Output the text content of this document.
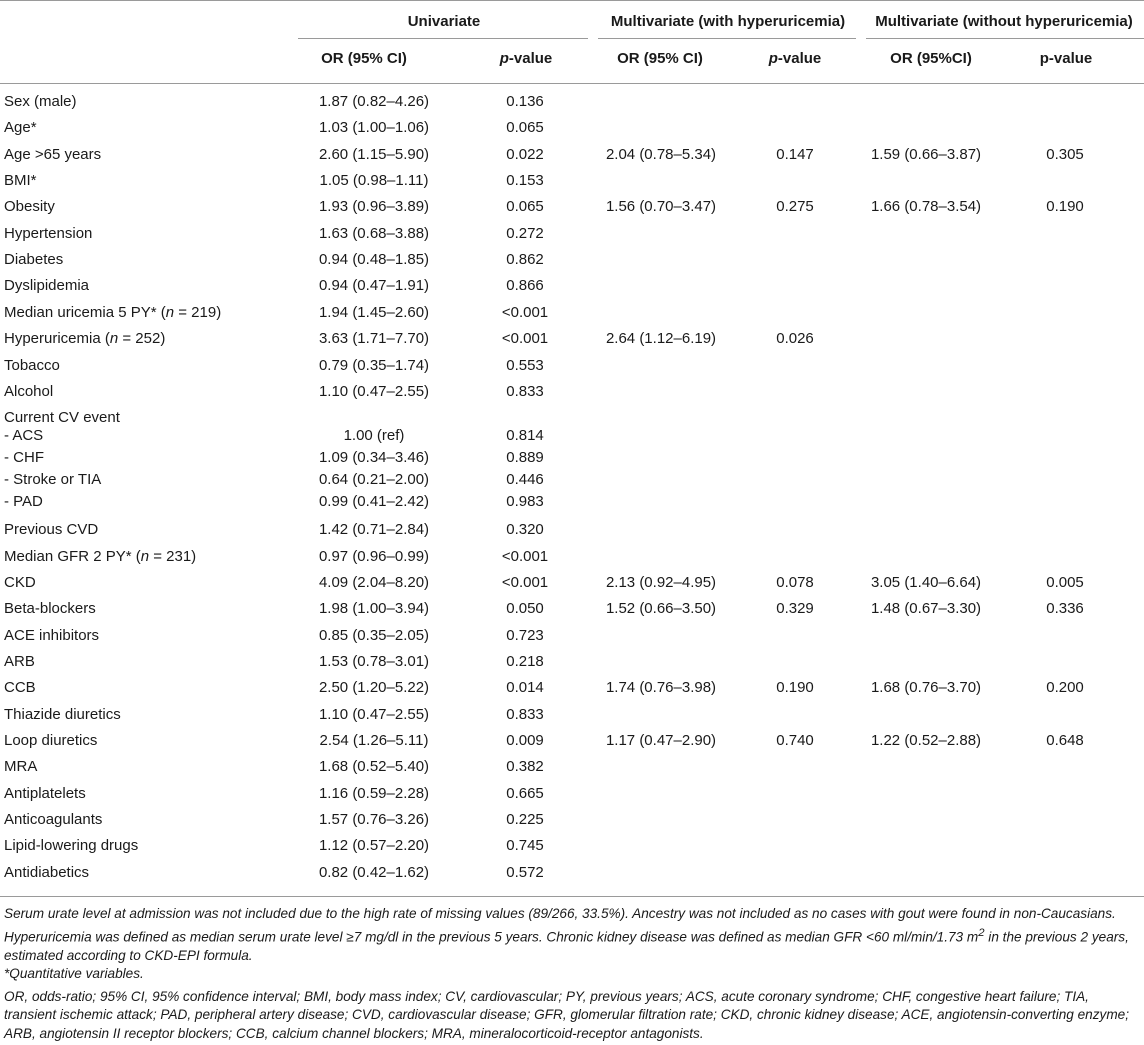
Univariate	Multivariate (with hyperuricemia) Multivariate (without hyperuricemia)
OR (95% CI)	p-value	OR (95% CI)	p-value	OR (95%CI)	p-value
Sex (male)	1.87 (0.82–4.26)	0.136
Age*	1.03 (1.00–1.06)	0.065
Age >65 years	2.60 (1.15–5.90)	0.022	2.04 (0.78–5.34)	0.147	1.59 (0.66–3.87)	0.305
BMI*	1.05 (0.98–1.11)	0.153
Obesity	1.93 (0.96–3.89)	0.065	1.56 (0.70–3.47)	0.275	1.66 (0.78–3.54)	0.190
Hypertension	1.63 (0.68–3.88)	0.272
Diabetes	0.94 (0.48–1.85)	0.862
Dyslipidemia	0.94 (0.47–1.91)	0.866
Median uricemia 5 PY* (n = 219)	1.94 (1.45–2.60)	<0.001
Hyperuricemia (n = 252)	3.63 (1.71–7.70)	<0.001	2.64 (1.12–6.19)	0.026
Tobacco	0.79 (0.35–1.74)	0.553
Alcohol	1.10 (0.47–2.55)	0.833
Current CV event
- ACS	1.00 (ref)	0.814
- CHF	1.09 (0.34–3.46)	0.889
- Stroke or TIA	0.64 (0.21–2.00)	0.446
- PAD	0.99 (0.41–2.42)	0.983
Previous CVD	1.42 (0.71–2.84)	0.320
Median GFR 2 PY* (n = 231)	0.97 (0.96–0.99)	<0.001
CKD	4.09 (2.04–8.20)	<0.001	2.13 (0.92–4.95)	0.078	3.05 (1.40–6.64)	0.005
Beta-blockers	1.98 (1.00–3.94)	0.050	1.52 (0.66–3.50)	0.329	1.48 (0.67–3.30)	0.336
ACE inhibitors	0.85 (0.35–2.05)	0.723
ARB	1.53 (0.78–3.01)	0.218
CCB	2.50 (1.20–5.22)	0.014	1.74 (0.76–3.98)	0.190	1.68 (0.76–3.70)	0.200
Thiazide diuretics	1.10 (0.47–2.55)	0.833
Loop diuretics	2.54 (1.26–5.11)	0.009	1.17 (0.47–2.90)	0.740	1.22 (0.52–2.88)	0.648
MRA	1.68 (0.52–5.40)	0.382
Antiplatelets	1.16 (0.59–2.28)	0.665
Anticoagulants	1.57 (0.76–3.26)	0.225
Lipid-lowering drugs	1.12 (0.57–2.20)	0.745
Antidiabetics	0.82 (0.42–1.62)	0.572

Serum urate level at admission was not included due to the high rate of missing values (89/266, 33.5%). Ancestry was not included as no cases with gout were found in non-Caucasians. Hyperuricemia was defined as median serum urate level ≥7 mg/dl in the previous 5 years. Chronic kidney disease was defined as median GFR <60 ml/min/1.73 $m^2$ in the previous 2 years, estimated according to CKD-EPI formula.

*Quantitative variables.

OR, odds-ratio; 95% CI, 95% confidence interval; BMI, body mass index; CV, cardiovascular; PY, previous years; ACS, acute coronary syndrome; CHF, congestive heart failure; TIA, transient ischemic attack; PAD, peripheral artery disease; CVD, cardiovascular disease; GFR, glomerular filtration rate; CKD, chronic kidney disease; ACE, angiotensin-converting enzyme; ARB, angiotensin II receptor blockers; CCB, calcium channel blockers; MRA, mineralocorticoid-receptor antagonists.
